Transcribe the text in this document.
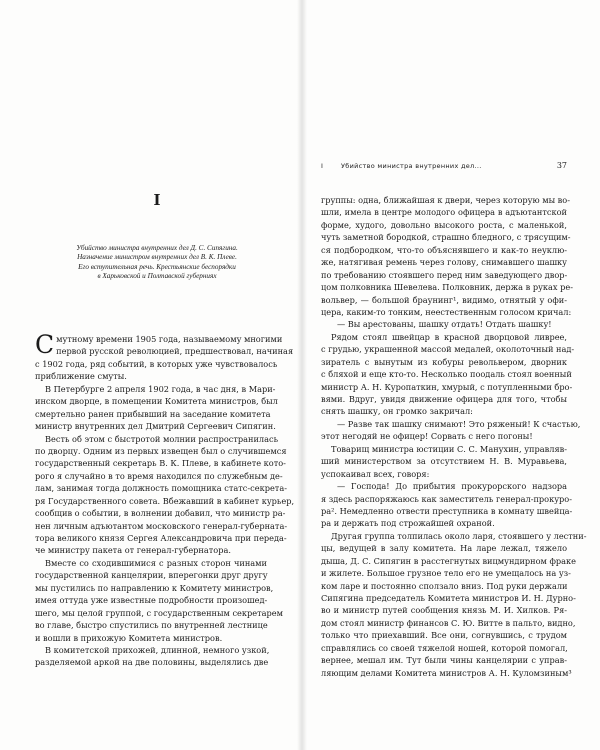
I
Убийство министра внутренних дел Д. С. Сипягина.
Назначение министром внутренних дел В. К. Плеве.
Его вступительная речь. Крестьянские беспорядки
в Харьковской и Полтавской губерниях
С мутному времени 1905 года, называемому многими
первой русской революцией, предшествовал, начиная
с 1902 года, ряд событий, в которых уже чувствовалось
приближение смуты.
В Петербурге 2 апреля 1902 года, в час дня, в Мари-
инском дворце, в помещении Комитета министров, был
смертельно ранен прибывший на заседание комитета
министр внутренних дел Дмитрий Сергеевич Сипягин.
Весть об этом с быстротой молнии распространилась
по дворцу. Одним из первых извещен был о случившемся
государственный секретарь В. К. Плеве, в кабинете кото-
рого я случайно в то время находился по служебным де-
лам, занимая тогда должность помощника статс-секрета-
ря Государственного совета. Вбежавший в кабинет курьер,
сообщив о событии, в волнении добавил, что министр ра-
нен личным адъютантом московского генерал-губерната-
тора великого князя Сергея Александровича при переда-
че министру пакета от генерал-губернатора.
Вместе со сходившимися с разных сторон чинами
государственной канцелярии, вперегонки друг другу
мы пустились по направлению к Комитету министров,
имея оттуда уже известные подробности произошед-
шего, мы целой группой, с государственным секретарем
во главе, быстро спустились по внутренней лестнице
и вошли в прихожую Комитета министров.
В комитетской прихожей, длинной, немного узкой,
разделяемой аркой на две половины, выделялись две
I	Убийство министра внутренних дел...	37
группы: одна, ближайшая к двери, через которую мы во-
шли, имела в центре молодого офицера в адъютантской
форме, худого, довольно высокого роста, с маленькой,
чуть заметной бородкой, страшно бледного, с трясущим-
ся подбородком, что-то объяснявшего и как-то неуклю-
же, натягивая ремень через голову, снимавшего шашку
по требованию стоявшего перед ним заведующего двор-
цом полковника Шевелева. Полковник, держа в руках ре-
вольвер, — большой браунинг¹, видимо, отнятый у офи-
цера, каким-то тонким, неестественным голосом кричал:
— Вы арестованы, шашку отдать! Отдать шашку!
Рядом стоял швейцар в красной дворцовой ливрее,
с грудью, украшенной массой медалей, околоточный над-
зиратель с вынутым из кобуры револьвером, дворник
с бляхой и еще кто-то. Несколько поодаль стоял военный
министр А. Н. Куропаткин, хмурый, с потупленными бро-
вями. Вдруг, увидя движение офицера для того, чтобы
снять шашку, он громко закричал:
— Разве так шашку снимают! Это ряженый! К счастью,
этот негодяй не офицер! Сорвать с него погоны!
Товарищ министра юстиции С. С. Манухин, управляв-
ший министерством за отсутствием Н. В. Муравьева,
успокаивал всех, говоря:
— Господа! До прибытия прокурорского надзора
я здесь распоряжаюсь как заместитель генерал-прокуро-
ра². Немедленно отвести преступника в комнату швейца-
ра и держать под строжайшей охраной.
Другая группа толпилась около ларя, стоявшего у лестни-
цы, ведущей в залу комитета. На ларе лежал, тяжело
дыша, Д. С. Сипягин в расстегнутых вицмундирном фраке
и жилете. Большое грузное тело его не умещалось на уз-
ком ларе и постоянно сползало вниз. Под руки держали
Сипягина председатель Комитета министров И. Н. Дурно-
во и министр путей сообщения князь М. И. Хилков. Ря-
дом стоял министр финансов С. Ю. Витте в пальто, видно,
только что приехавший. Все они, согнувшись, с трудом
справлялись со своей тяжелой ношей, которой помогал,
вернее, мешал им. Тут были чины канцелярии с управ-
ляющим делами Комитета министров А. Н. Куломзиным³
